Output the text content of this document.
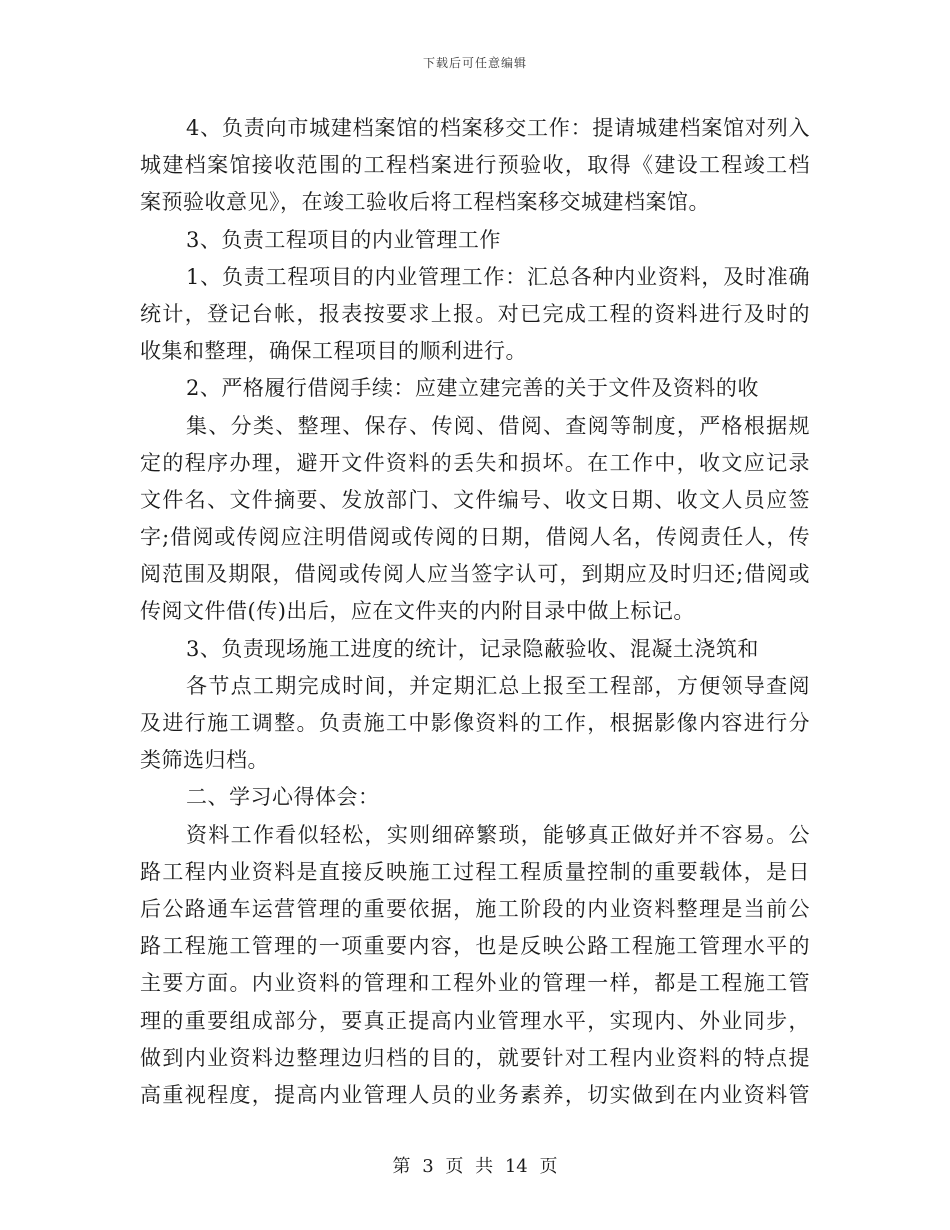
下载后可任意编辑
4、负责向市城建档案馆的档案移交工作：提请城建档案馆对列入
城建档案馆接收范围的工程档案进行预验收，取得《建设工程竣工档
案预验收意见》，在竣工验收后将工程档案移交城建档案馆。
3、负责工程项目的内业管理工作
1、负责工程项目的内业管理工作：汇总各种内业资料，及时准确
统计，登记台帐，报表按要求上报。对已完成工程的资料进行及时的
收集和整理，确保工程项目的顺利进行。
2、严格履行借阅手续：应建立建完善的关于文件及资料的收
集、分类、整理、保存、传阅、借阅、查阅等制度，严格根据规
定的程序办理，避开文件资料的丢失和损坏。在工作中，收文应记录
文件名、文件摘要、发放部门、文件编号、收文日期、收文人员应签
字;借阅或传阅应注明借阅或传阅的日期，借阅人名，传阅责任人，传
阅范围及期限，借阅或传阅人应当签字认可，到期应及时归还;借阅或
传阅文件借(传)出后，应在文件夹的内附目录中做上标记。
3、负责现场施工进度的统计，记录隐蔽验收、混凝土浇筑和
各节点工期完成时间，并定期汇总上报至工程部，方便领导查阅
及进行施工调整。负责施工中影像资料的工作，根据影像内容进行分
类筛选归档。
二、学习心得体会：
资料工作看似轻松，实则细碎繁琐，能够真正做好并不容易。公
路工程内业资料是直接反映施工过程工程质量控制的重要载体，是日
后公路通车运营管理的重要依据，施工阶段的内业资料整理是当前公
路工程施工管理的一项重要内容，也是反映公路工程施工管理水平的
主要方面。内业资料的管理和工程外业的管理一样，都是工程施工管
理的重要组成部分，要真正提高内业管理水平，实现内、外业同步，
做到内业资料边整理边归档的目的，就要针对工程内业资料的特点提
高重视程度，提高内业管理人员的业务素养，切实做到在内业资料管
第 3 页 共 14 页
